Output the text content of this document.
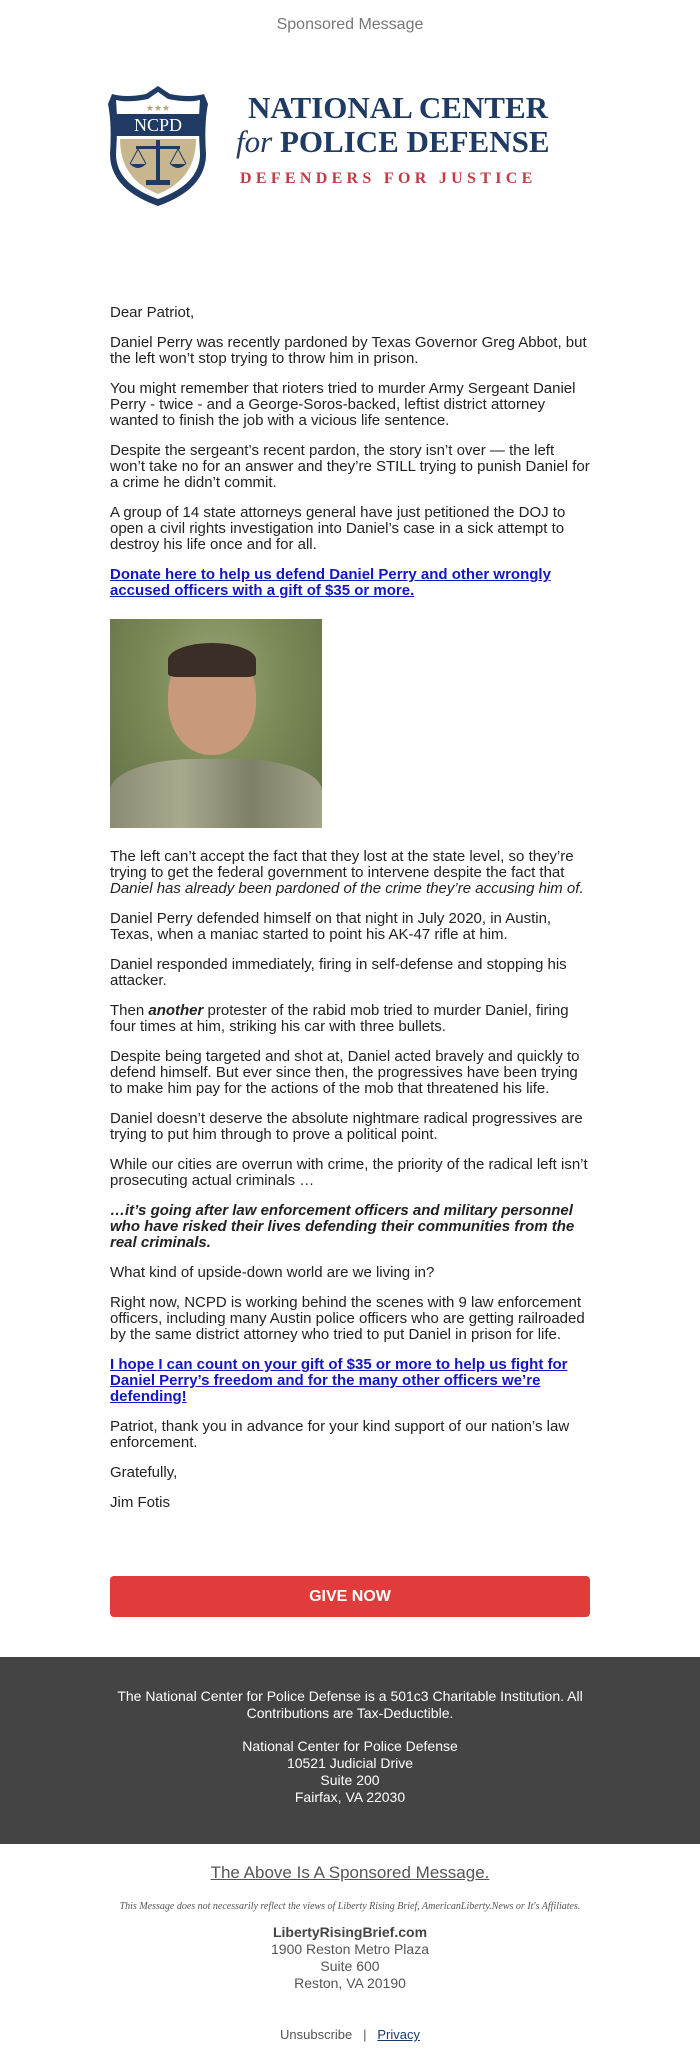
Sponsored Message
NCPD
★★★	NATIONAL CENTER
for POLICE DEFENSE
DEFENDERS FOR JUSTICE

Dear Patriot,

Daniel Perry was recently pardoned by Texas Governor Greg Abbot, but the left won’t stop trying to throw him in prison.

You might remember that rioters tried to murder Army Sergeant Daniel Perry - twice - and a George-Soros-backed, leftist district attorney wanted to finish the job with a vicious life sentence.

Despite the sergeant’s recent pardon, the story isn’t over — the left won’t take no for an answer and they’re STILL trying to punish Daniel for a crime he didn’t commit.

A group of 14 state attorneys general have just petitioned the DOJ to open a civil rights investigation into Daniel’s case in a sick attempt to destroy his life once and for all.

Donate here to help us defend Daniel Perry and other wrongly accused officers with a gift of $35 or more.

The left can’t accept the fact that they lost at the state level, so they’re trying to get the federal government to intervene despite the fact that Daniel has already been pardoned of the crime they’re accusing him of.

Daniel Perry defended himself on that night in July 2020, in Austin, Texas, when a maniac started to point his AK-47 rifle at him.

Daniel responded immediately, firing in self-defense and stopping his attacker.

Then another protester of the rabid mob tried to murder Daniel, firing four times at him, striking his car with three bullets.

Despite being targeted and shot at, Daniel acted bravely and quickly to defend himself. But ever since then, the progressives have been trying to make him pay for the actions of the mob that threatened his life.

Daniel doesn’t deserve the absolute nightmare radical progressives are trying to put him through to prove a political point.

While our cities are overrun with crime, the priority of the radical left isn’t prosecuting actual criminals …

…it’s going after law enforcement officers and military personnel who have risked their lives defending their communities from the real criminals.

What kind of upside-down world are we living in?

Right now, NCPD is working behind the scenes with 9 law enforcement officers, including many Austin police officers who are getting railroaded by the same district attorney who tried to put Daniel in prison for life.

I hope I can count on your gift of $35 or more to help us fight for Daniel Perry’s freedom and for the many other officers we’re defending!

Patriot, thank you in advance for your kind support of our nation’s law enforcement.

Gratefully,

Jim Fotis

GIVE NOW
The National Center for Police Defense is a 501c3 Charitable Institution. All Contributions are Tax-Deductible.
National Center for Police Defense
10521 Judicial Drive
Suite 200
Fairfax, VA 22030
The Above Is A Sponsored Message.
This Message does not necessarily reflect the views of Liberty Rising Brief, AmericanLiberty.News or It's Affiliates.
LibertyRisingBrief.com
1900 Reston Metro Plaza
Suite 600
Reston, VA 20190
Unsubscribe | Privacy
